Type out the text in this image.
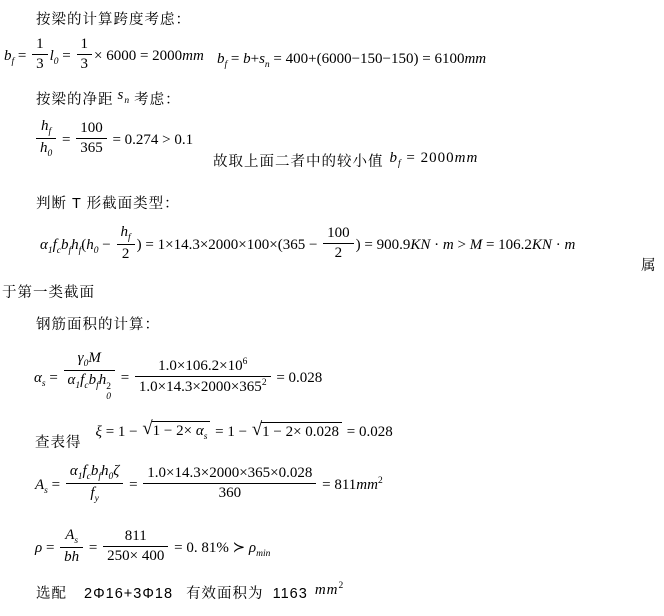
按梁的计算跨度考虑：
$b_f = \frac{1}{3} l_0 = \frac{1}{3} \times 6000 = 2000mm$ $b_f = b+s_n = 400+(6000-150-150) = 6100mm$
按梁的净距 $s_n$ 考虑：
$\frac{h_f}{h_0} = \frac{100}{365} = 0.274 > 0.1$
故取上面二者中的较小值 $b_f = 2000mm$
判断 T 形截面类型：
$\alpha_1f_cb_fh_f(h_0 - \frac{h_f}{2}$ ) = $1\times 14.3\times 2000\times 100\times(365 - \frac{100}{2}$ ) = 900.9KN · m > M = 106.2KN · m
属
于第一类截面
钢筋面积的计算：
$\alpha_s = \gamma_0M$
$\alpha_1f_cb_fh$ 2
$0 = \frac{1.0\times 106.2\times 10^6}{1.0\times 14.3\times 2000\times 365^2} = 0.028$
查表得
ξ = 1 − √ $1 - 2\times \alpha_s = 1$ − √ 1 − 2× 0.028 = 0.028
$A_s = \frac{\alpha_1f_cb_fh_0\zeta}{f_y} = \frac{1.0\times 14.3\times 2000\times 365\times 0.028}{360} = 811mm^2$
$\rho = \frac{A_s}{bh} = \frac{811}{250\times 400} = 0$. 81% ≻ $\rho_{min}$
选配 2Φ16+3Φ18 有效面积为 1163 $mm^2$
